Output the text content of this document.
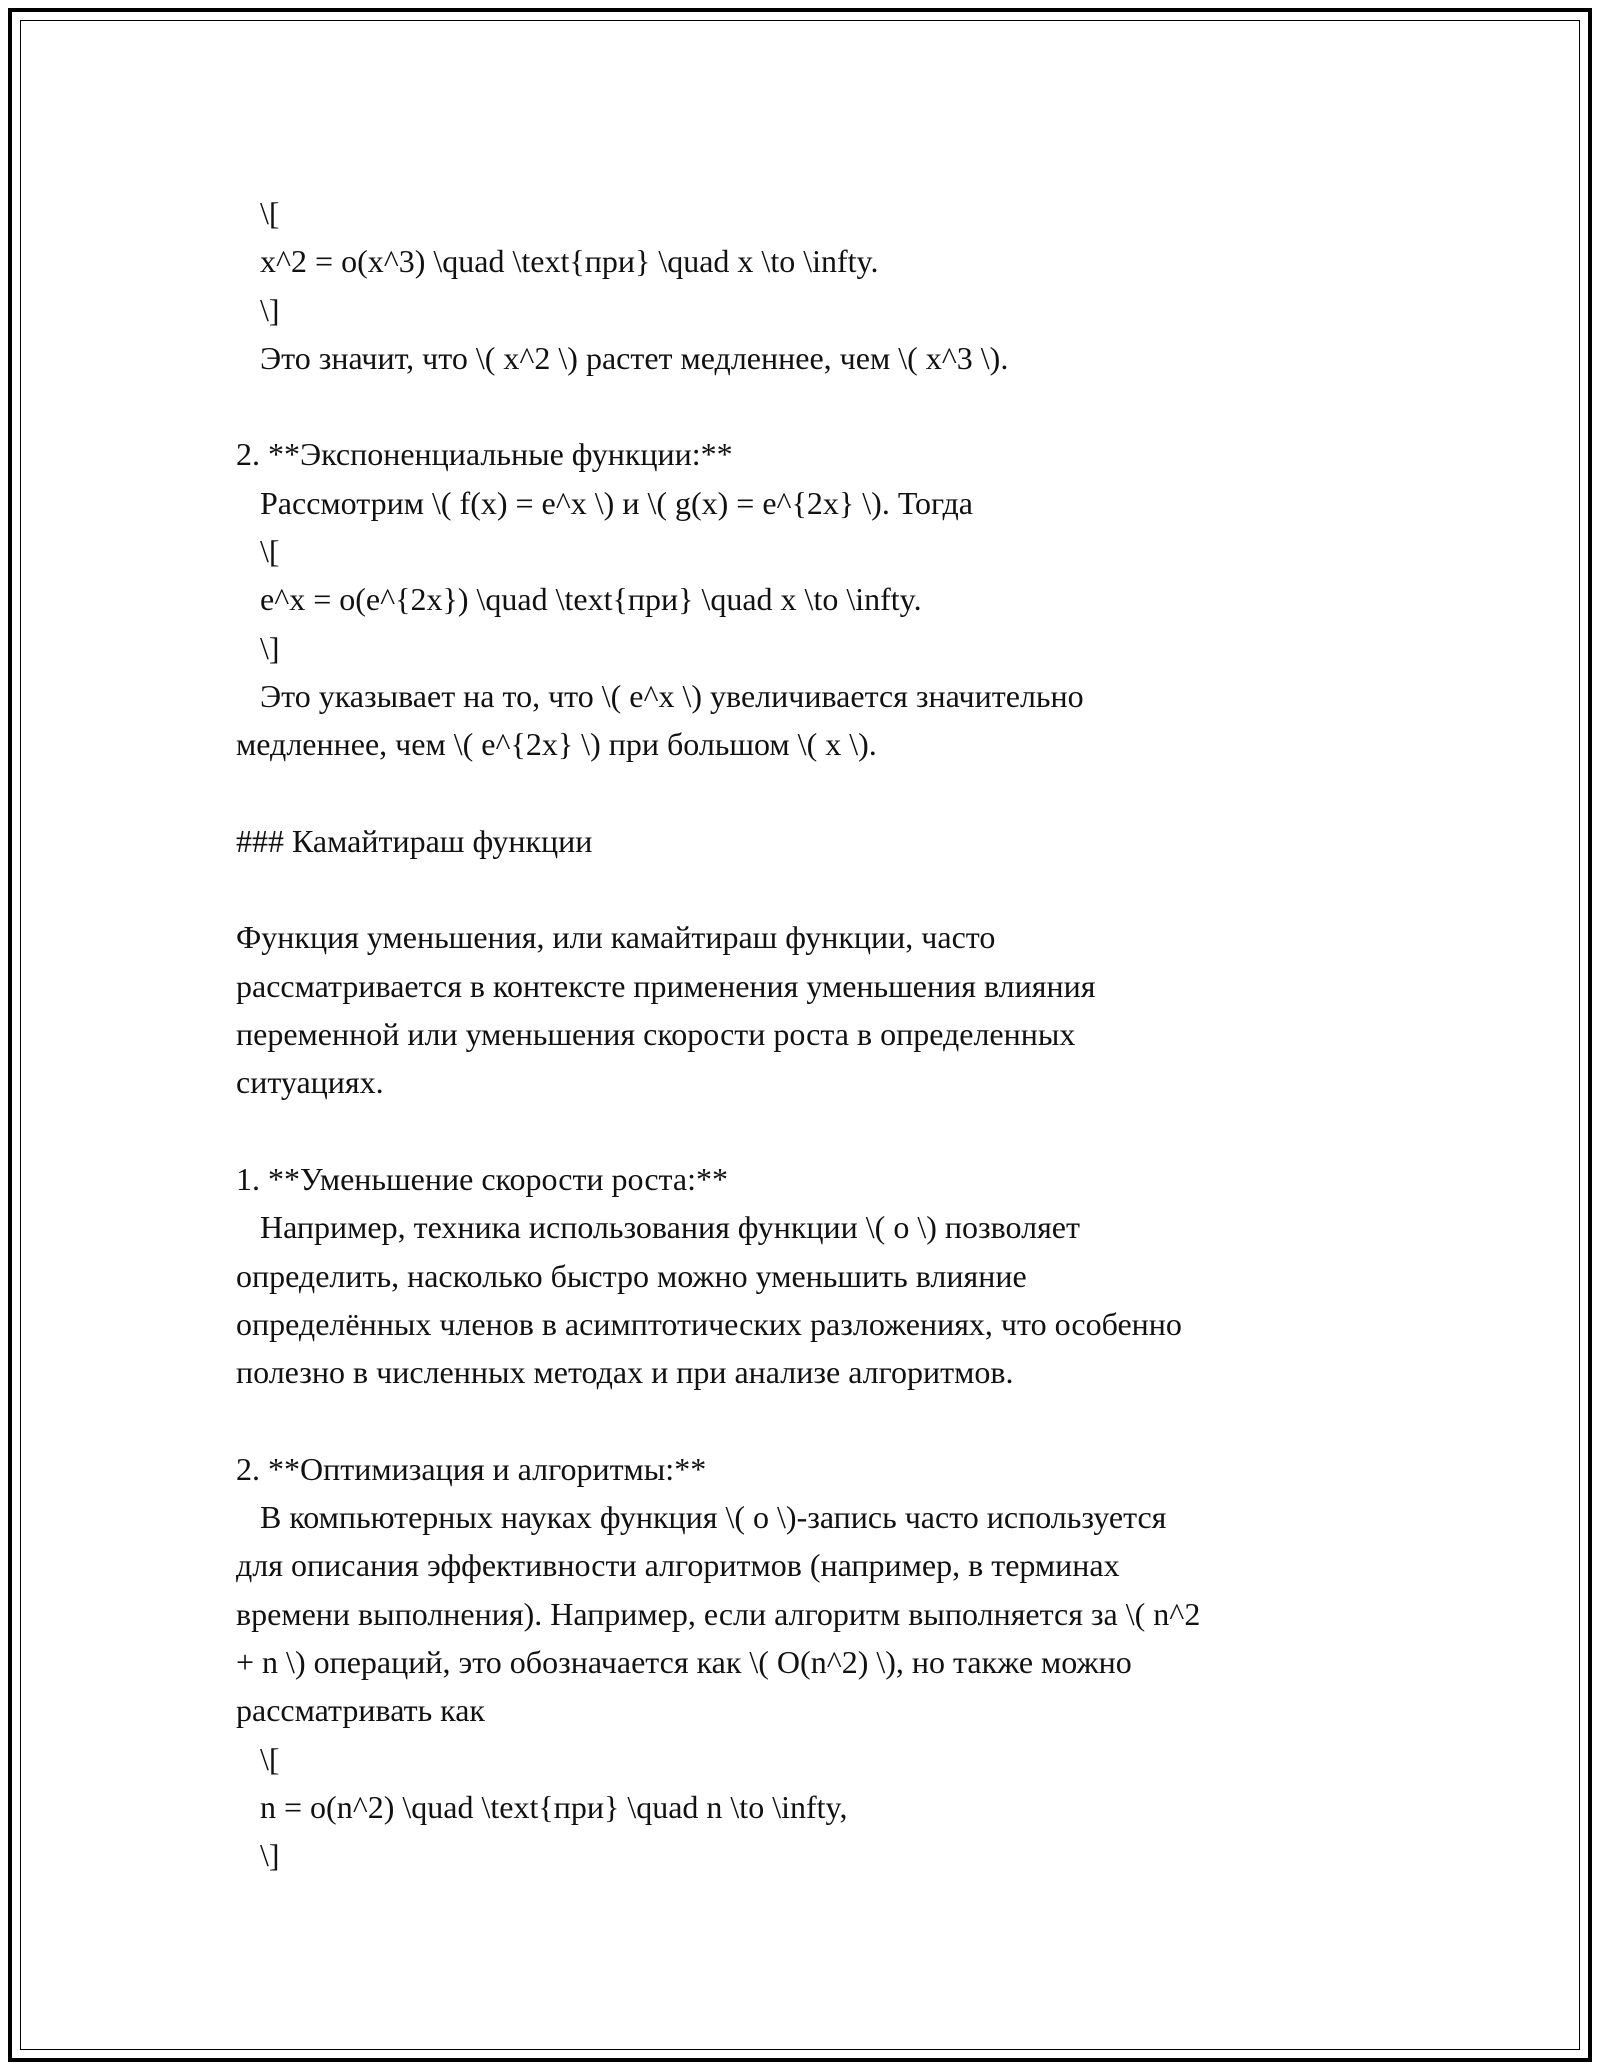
\[
x^2 = o(x^3) \quad \text{при} \quad x \to \infty.
\]
Это значит, что \( x^2 \) растет медленнее, чем \( x^3 \).
2. **Экспоненциальные функции:**
Рассмотрим \( f(x) = e^x \) и \( g(x) = e^{2x} \). Тогда
\[
e^x = o(e^{2x}) \quad \text{при} \quad x \to \infty.
\]
Это указывает на то, что \( e^x \) увеличивается значительно
медленнее, чем \( e^{2x} \) при большом \( x \).
### Камайтираш функции
Функция уменьшения, или камайтираш функции, часто
рассматривается в контексте применения уменьшения влияния
переменной или уменьшения скорости роста в определенных
ситуациях.
1. **Уменьшение скорости роста:**
Например, техника использования функции \( o \) позволяет
определить, насколько быстро можно уменьшить влияние
определённых членов в асимптотических разложениях, что особенно
полезно в численных методах и при анализе алгоритмов.
2. **Оптимизация и алгоритмы:**
В компьютерных науках функция \( o \)-запись часто используется
для описания эффективности алгоритмов (например, в терминах
времени выполнения). Например, если алгоритм выполняется за \( n^2
+ n \) операций, это обозначается как \( O(n^2) \), но также можно
рассматривать как
\[
n = o(n^2) \quad \text{при} \quad n \to \infty,
\]
